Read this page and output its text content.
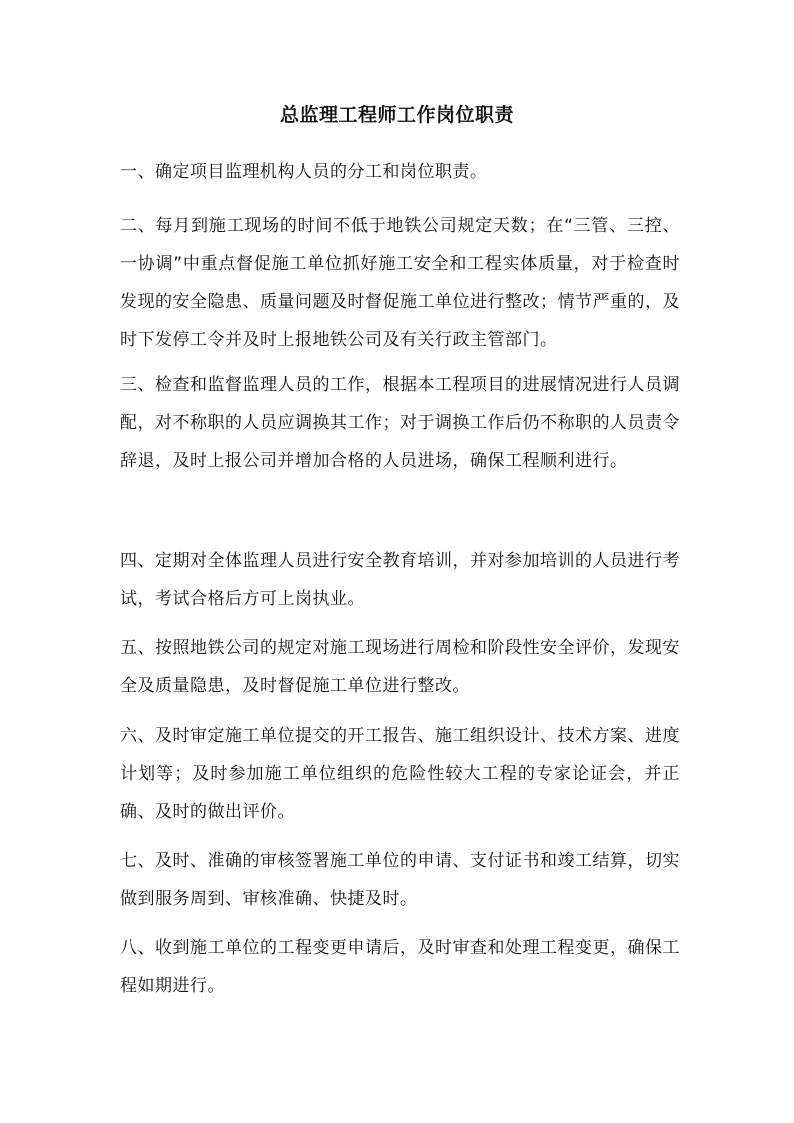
总监理工程师工作岗位职责

一、确定项目监理机构人员的分工和岗位职责。

二、每月到施工现场的时间不低于地铁公司规定天数；在“三管、三控、一协调”中重点督促施工单位抓好施工安全和工程实体质量，对于检查时发现的安全隐患、质量问题及时督促施工单位进行整改；情节严重的，及时下发停工令并及时上报地铁公司及有关行政主管部门。

三、检查和监督监理人员的工作，根据本工程项目的进展情况进行人员调配，对不称职的人员应调换其工作；对于调换工作后仍不称职的人员责令辞退，及时上报公司并增加合格的人员进场，确保工程顺利进行。

四、定期对全体监理人员进行安全教育培训，并对参加培训的人员进行考试，考试合格后方可上岗执业。

五、按照地铁公司的规定对施工现场进行周检和阶段性安全评价，发现安全及质量隐患，及时督促施工单位进行整改。

六、及时审定施工单位提交的开工报告、施工组织设计、技术方案、进度计划等；及时参加施工单位组织的危险性较大工程的专家论证会，并正确、及时的做出评价。

七、及时、准确的审核签署施工单位的申请、支付证书和竣工结算，切实做到服务周到、审核准确、快捷及时。

八、收到施工单位的工程变更申请后，及时审查和处理工程变更，确保工程如期进行。
